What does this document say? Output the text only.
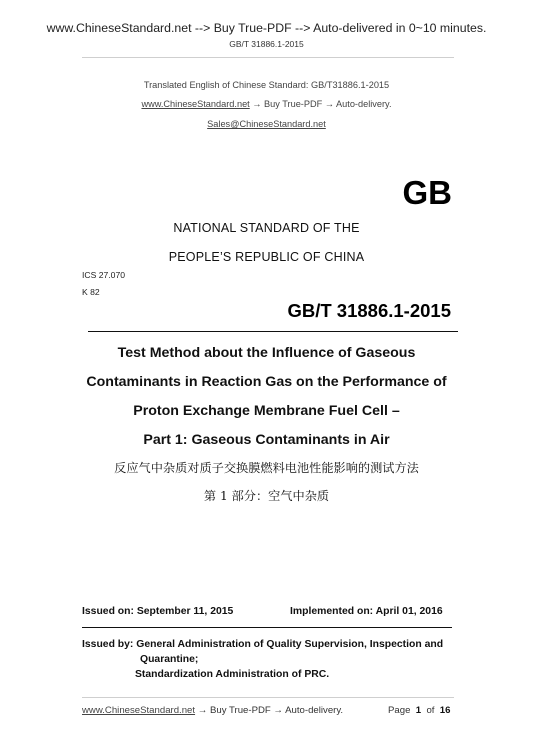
www.ChineseStandard.net --> Buy True-PDF --> Auto-delivered in 0~10 minutes.
GB/T 31886.1-2015
Translated English of Chinese Standard: GB/T31886.1-2015
www.ChineseStandard.net → Buy True-PDF → Auto-delivery.
Sales@ChineseStandard.net
GB
NATIONAL STANDARD OF THE
PEOPLE’S REPUBLIC OF CHINA
ICS 27.070
K 82
GB/T 31886.1-2015
Test Method about the Influence of Gaseous
Contaminants in Reaction Gas on the Performance of
Proton Exchange Membrane Fuel Cell –
Part 1: Gaseous Contaminants in Air
反应气中杂质对质子交换膜燃料电池性能影响的测试方法
第 1 部分：空气中杂质
Issued on: September 11, 2015	Implemented on: April 01, 2016
Issued by: General Administration of Quality Supervision, Inspection and
Quarantine;
Standardization Administration of PRC.
www.ChineseStandard.net → Buy True-PDF → Auto-delivery.	Page 1 of 16
